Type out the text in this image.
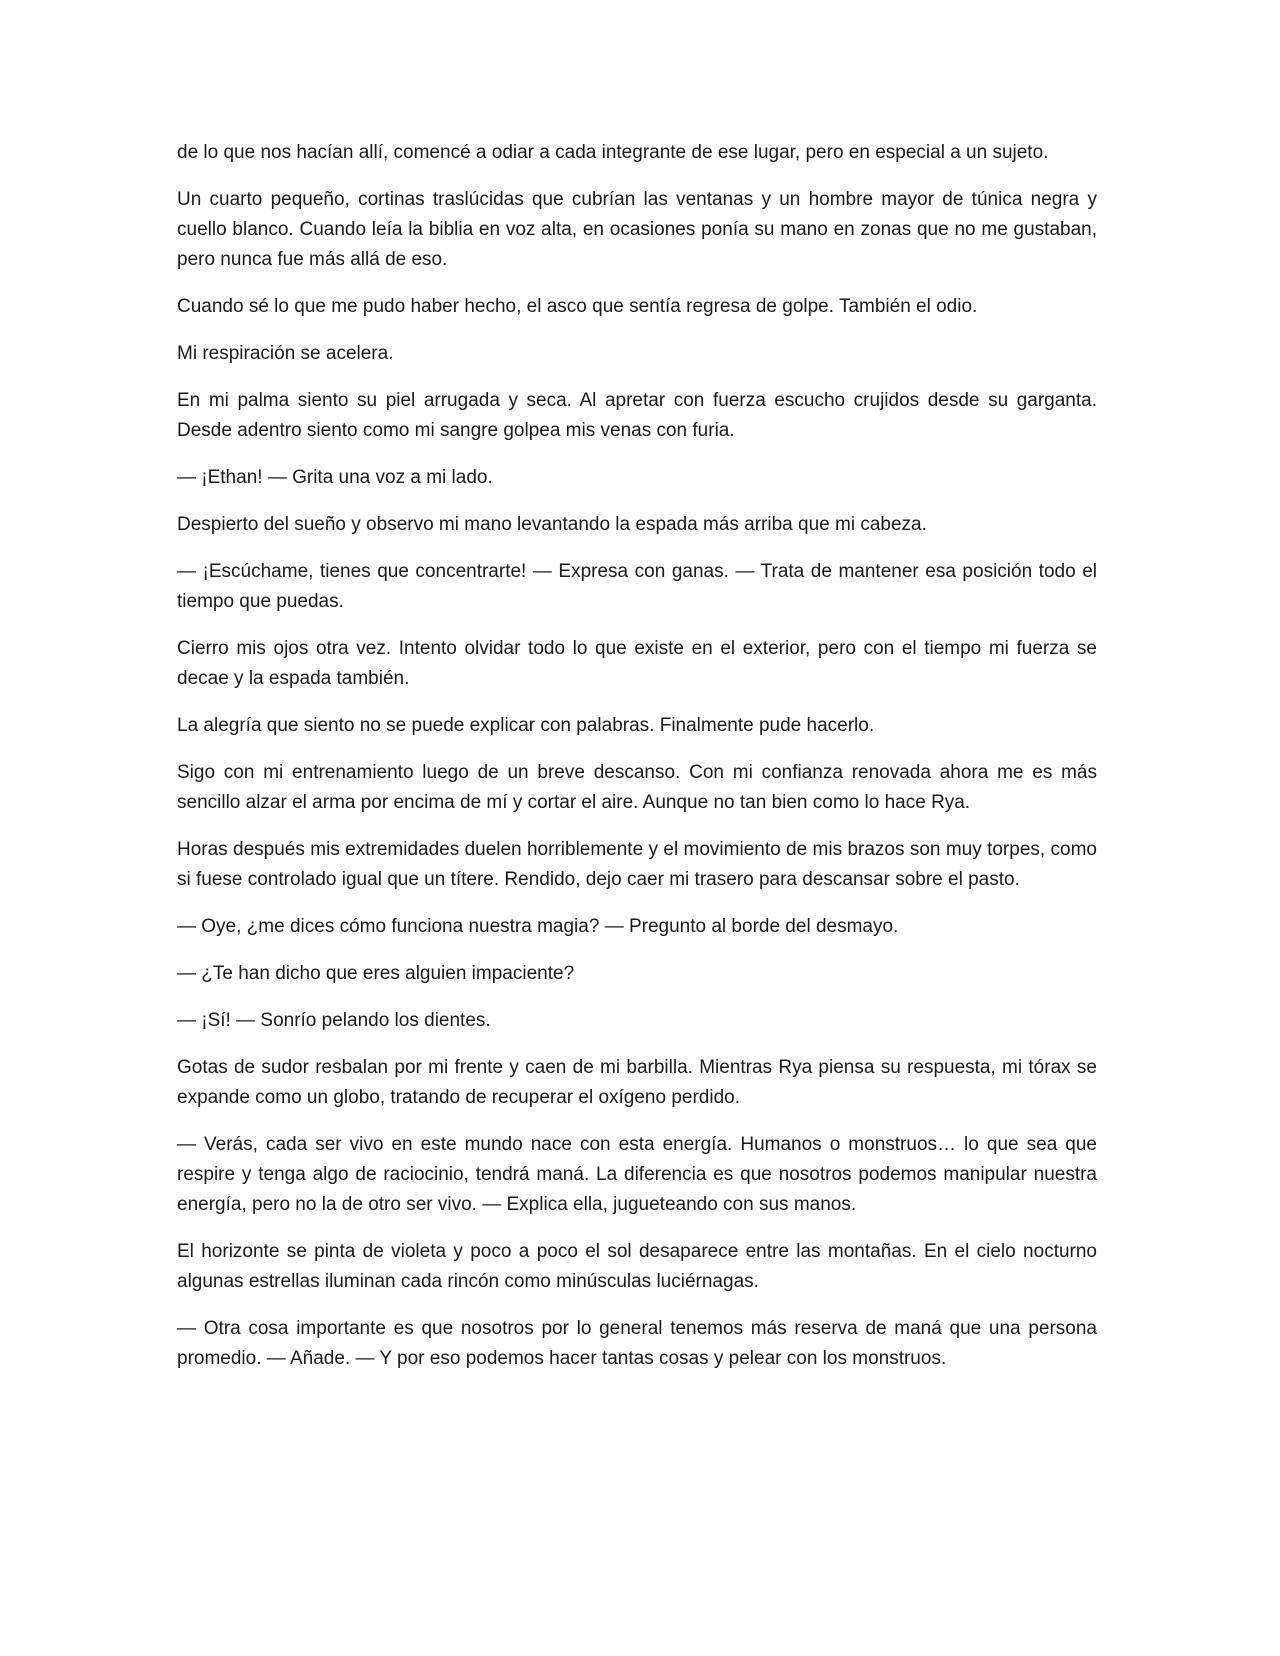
de lo que nos hacían allí, comencé a odiar a cada integrante de ese lugar, pero en especial a un sujeto.

Un cuarto pequeño, cortinas traslúcidas que cubrían las ventanas y un hombre mayor de túnica negra y cuello blanco. Cuando leía la biblia en voz alta, en ocasiones ponía su mano en zonas que no me gustaban, pero nunca fue más allá de eso.

Cuando sé lo que me pudo haber hecho, el asco que sentía regresa de golpe. También el odio.

Mi respiración se acelera.

En mi palma siento su piel arrugada y seca. Al apretar con fuerza escucho crujidos desde su garganta. Desde adentro siento como mi sangre golpea mis venas con furia.

— ¡Ethan! — Grita una voz a mi lado.

Despierto del sueño y observo mi mano levantando la espada más arriba que mi cabeza.

— ¡Escúchame, tienes que concentrarte! — Expresa con ganas. — Trata de mantener esa posición todo el tiempo que puedas.

Cierro mis ojos otra vez. Intento olvidar todo lo que existe en el exterior, pero con el tiempo mi fuerza se decae y la espada también.

La alegría que siento no se puede explicar con palabras. Finalmente pude hacerlo.

Sigo con mi entrenamiento luego de un breve descanso. Con mi confianza renovada ahora me es más sencillo alzar el arma por encima de mí y cortar el aire. Aunque no tan bien como lo hace Rya.

Horas después mis extremidades duelen horriblemente y el movimiento de mis brazos son muy torpes, como si fuese controlado igual que un títere. Rendido, dejo caer mi trasero para descansar sobre el pasto.

— Oye, ¿me dices cómo funciona nuestra magia? — Pregunto al borde del desmayo.

— ¿Te han dicho que eres alguien impaciente?

— ¡Sí! — Sonrío pelando los dientes.

Gotas de sudor resbalan por mi frente y caen de mi barbilla. Mientras Rya piensa su respuesta, mi tórax se expande como un globo, tratando de recuperar el oxígeno perdido.

— Verás, cada ser vivo en este mundo nace con esta energía. Humanos o monstruos… lo que sea que respire y tenga algo de raciocinio, tendrá maná. La diferencia es que nosotros podemos manipular nuestra energía, pero no la de otro ser vivo. — Explica ella, jugueteando con sus manos.

El horizonte se pinta de violeta y poco a poco el sol desaparece entre las montañas. En el cielo nocturno algunas estrellas iluminan cada rincón como minúsculas luciérnagas.

— Otra cosa importante es que nosotros por lo general tenemos más reserva de maná que una persona promedio. — Añade. — Y por eso podemos hacer tantas cosas y pelear con los monstruos.
